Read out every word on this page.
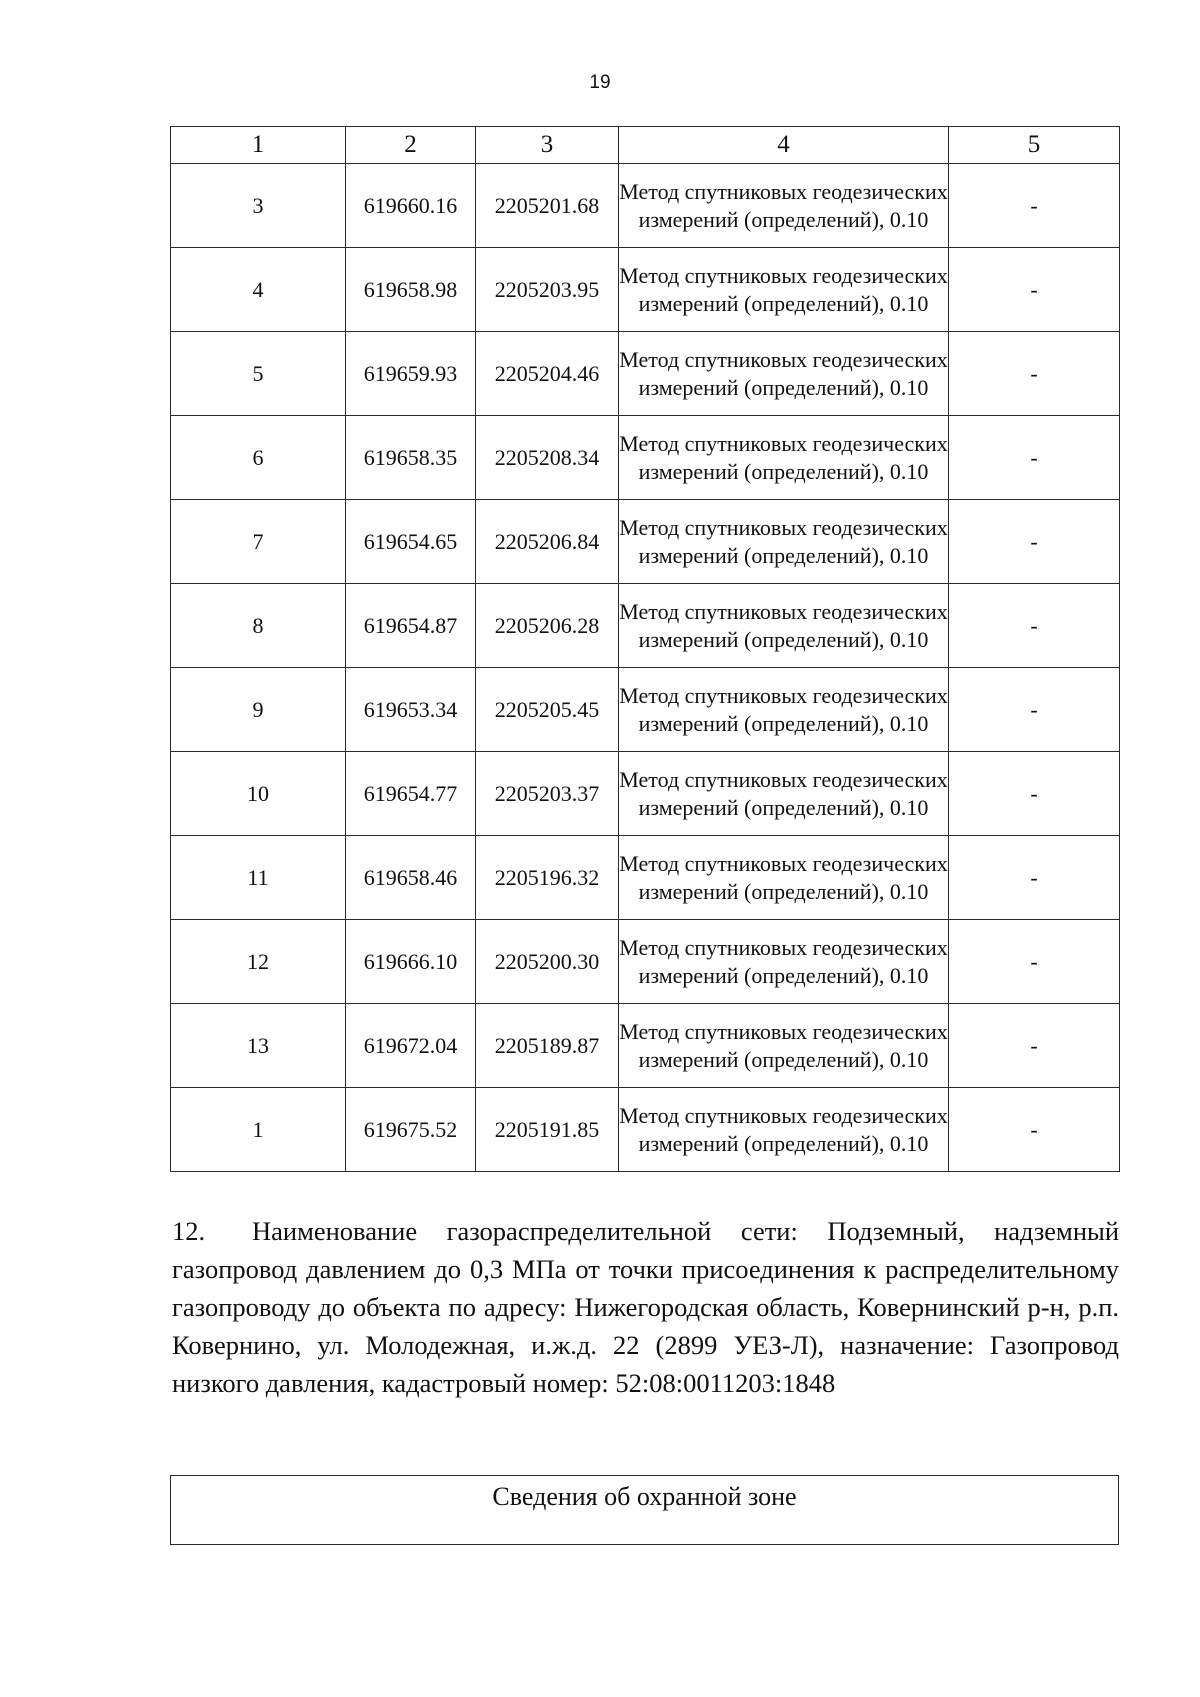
19
1	2	3	4	5
3	619660.16	2205201.68	Метод спутниковых геодезических измерений (определений), 0.10	-
4	619658.98	2205203.95	Метод спутниковых геодезических измерений (определений), 0.10	-
5	619659.93	2205204.46	Метод спутниковых геодезических измерений (определений), 0.10	-
6	619658.35	2205208.34	Метод спутниковых геодезических измерений (определений), 0.10	-
7	619654.65	2205206.84	Метод спутниковых геодезических измерений (определений), 0.10	-
8	619654.87	2205206.28	Метод спутниковых геодезических измерений (определений), 0.10	-
9	619653.34	2205205.45	Метод спутниковых геодезических измерений (определений), 0.10	-
10	619654.77	2205203.37	Метод спутниковых геодезических измерений (определений), 0.10	-
11	619658.46	2205196.32	Метод спутниковых геодезических измерений (определений), 0.10	-
12	619666.10	2205200.30	Метод спутниковых геодезических измерений (определений), 0.10	-
13	619672.04	2205189.87	Метод спутниковых геодезических измерений (определений), 0.10	-
1	619675.52	2205191.85	Метод спутниковых геодезических измерений (определений), 0.10	-
12. Наименование газораспределительной сети: Подземный, надземный газопровод давлением до 0,3 МПа от точки присоединения к распределительному газопроводу до объекта по адресу: Нижегородская область, Ковернинский р-н, р.п. Ковернино, ул. Молодежная, и.ж.д. 22 (2899 УЕЗ-Л), назначение: Газопровод низкого давления, кадастровый номер: 52:08:0011203:1848
Сведения об охранной зоне
